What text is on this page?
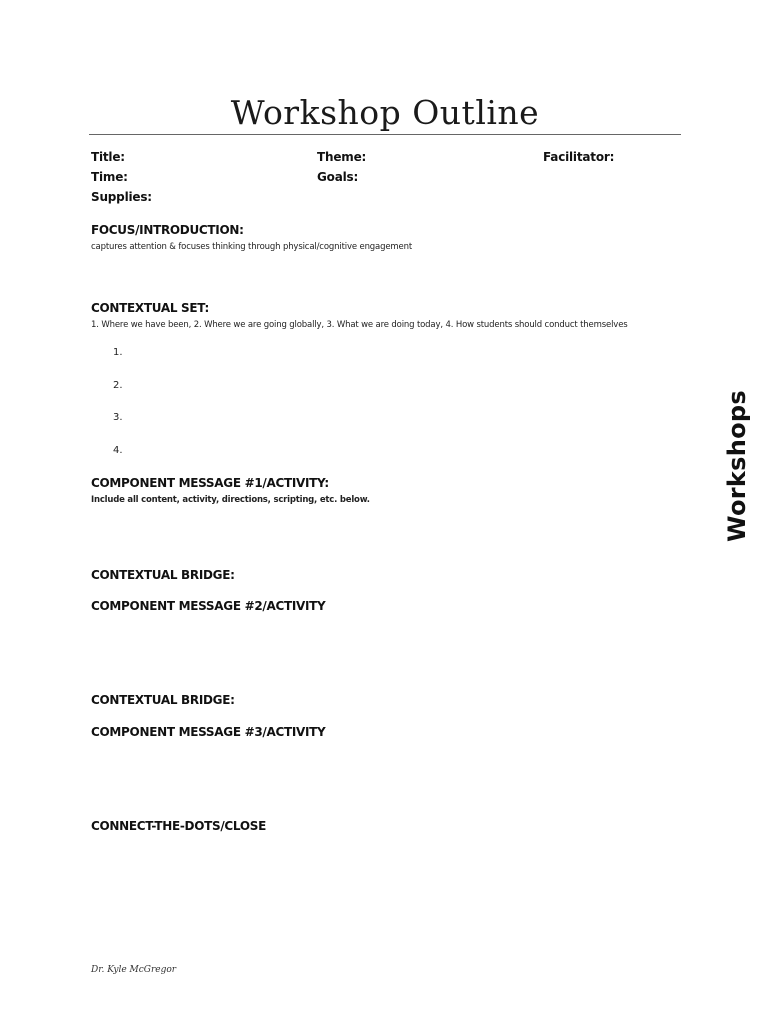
Workshop Outline
Title:	Theme:	Facilitator:
Time:	Goals:
Supplies:
FOCUS/INTRODUCTION:
captures attention & focuses thinking through physical/cognitive engagement
CONTEXTUAL SET:
1. Where we have been, 2. Where we are going globally, 3. What we are doing today, 4. How students should conduct themselves
1.
2.
3.
4.
COMPONENT MESSAGE #1/ACTIVITY:
Include all content, activity, directions, scripting, etc. below.
CONTEXTUAL BRIDGE:
COMPONENT MESSAGE #2/ACTIVITY
CONTEXTUAL BRIDGE:
COMPONENT MESSAGE #3/ACTIVITY
CONNECT-THE-DOTS/CLOSE
Workshops
Dr. Kyle McGregor
